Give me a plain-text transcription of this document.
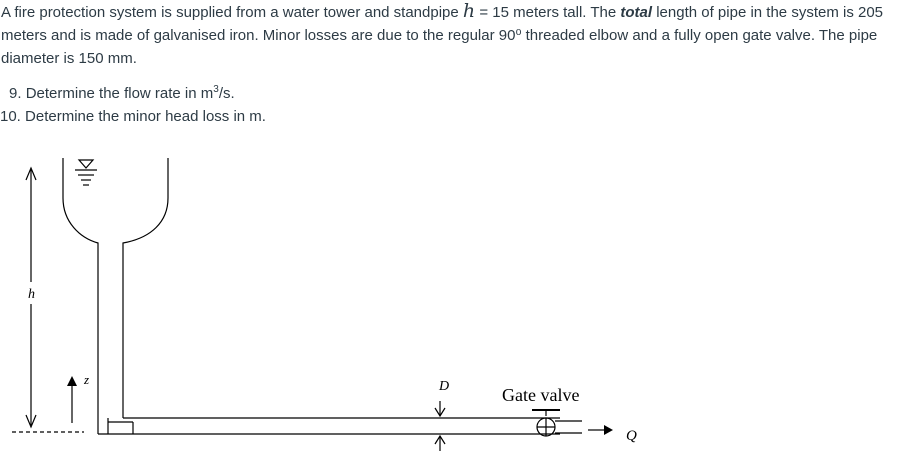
A fire protection system is supplied from a water tower and standpipe h = 15 meters tall. The total length of pipe in the system is 205 meters and is made of galvanised iron. Minor losses are due to the regular 90⁰ threaded elbow and a fully open gate valve. The pipe diameter is 150 mm.
9. Determine the flow rate in $m^3/s$.
10. Determine the minor head loss in m.
h
z	D	Gate valve
Q
